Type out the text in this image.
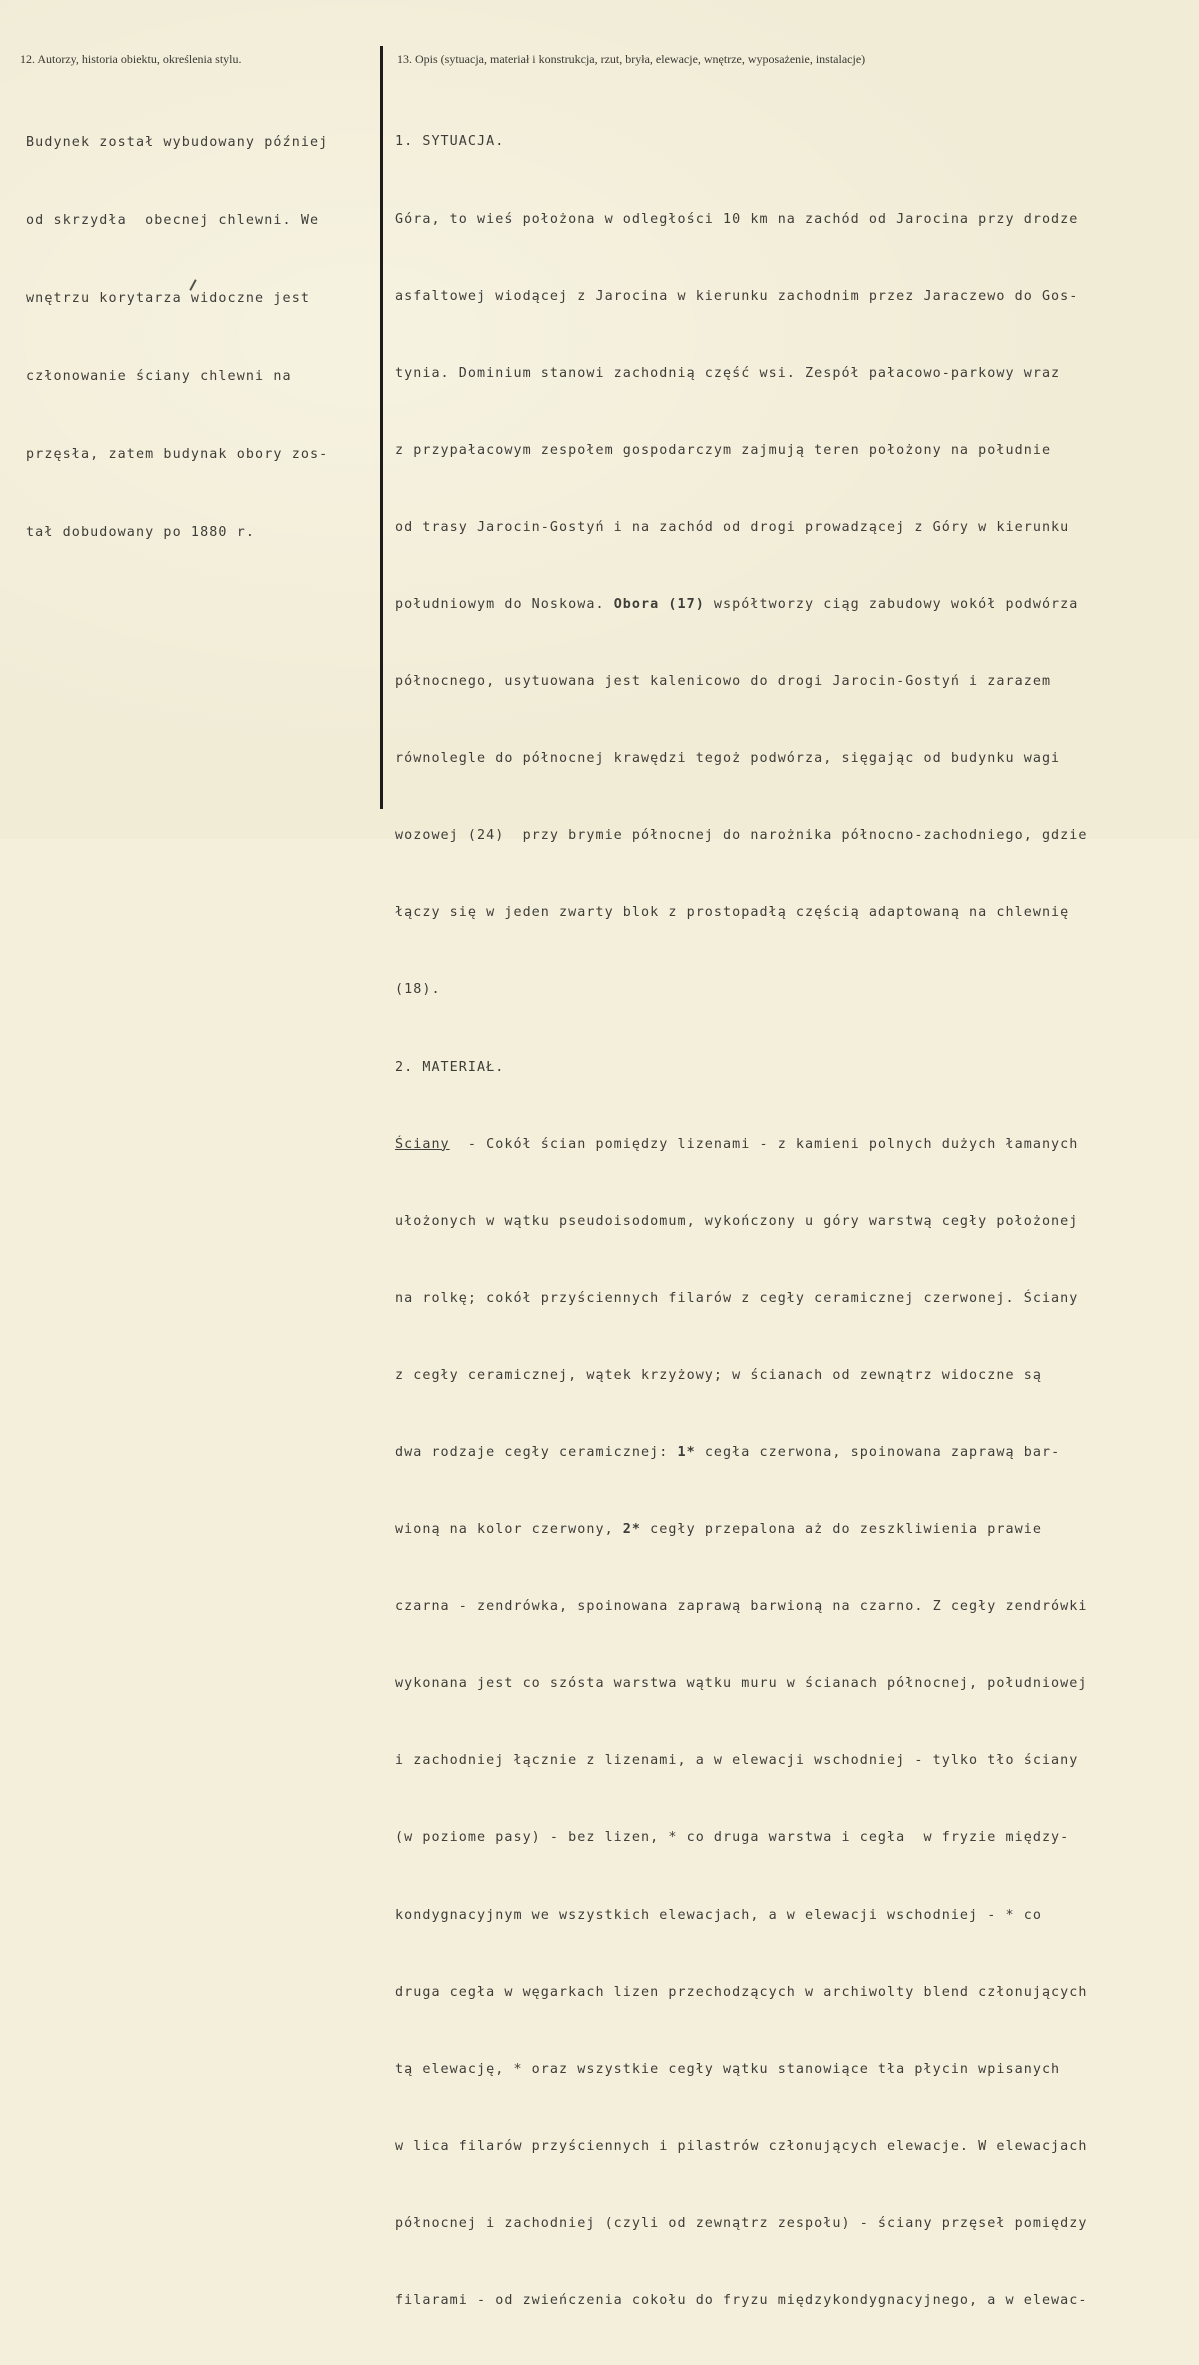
12. Autorzy, historia obiektu, określenia stylu.	13. Opis (sytuacja, materiał i konstrukcja, rzut, bryła, elewacje, wnętrze, wyposażenie, instalacje)

Budynek został wybudowany później

od skrzydła  obecnej chlewni. We

wnętrzu korytarza widoczne jest

członowanie ściany chlewni na

przęsła, zatem budynak obory zos-

tał dobudowany po 1880 r.

1. SYTUACJA.

Góra, to wieś położona w odległości 10 km na zachód od Jarocina przy drodze

asfaltowej wiodącej z Jarocina w kierunku zachodnim przez Jaraczewo do Gos-

tynia. Dominium stanowi zachodnią część wsi. Zespół pałacowo-parkowy wraz

z przypałacowym zespołem gospodarczym zajmują teren położony na południe

od trasy Jarocin-Gostyń i na zachód od drogi prowadzącej z Góry w kierunku

południowym do Noskowa. Obora (17) współtworzy ciąg zabudowy wokół podwórza

północnego, usytuowana jest kalenicowo do drogi Jarocin-Gostyń i zarazem

równolegle do północnej krawędzi tegoż podwórza, sięgając od budynku wagi

wozowej (24)  przy brymie północnej do narożnika północno-zachodniego, gdzie

łączy się w jeden zwarty blok z prostopadłą częścią adaptowaną na chlewnię

(18).

2. MATERIAŁ.

Ściany  - Cokół ścian pomiędzy lizenami - z kamieni polnych dużych łamanych

ułożonych w wątku pseudoisodomum, wykończony u góry warstwą cegły położonej

na rolkę; cokół przyściennych filarów z cegły ceramicznej czerwonej. Ściany

z cegły ceramicznej, wątek krzyżowy; w ścianach od zewnątrz widoczne są

dwa rodzaje cegły ceramicznej: 1* cegła czerwona, spoinowana zaprawą bar-

wioną na kolor czerwony, 2* cegły przepalona aż do zeszkliwienia prawie

czarna - zendrówka, spoinowana zaprawą barwioną na czarno. Z cegły zendrówki

wykonana jest co szósta warstwa wątku muru w ścianach północnej, południowej

i zachodniej łącznie z lizenami, a w elewacji wschodniej - tylko tło ściany

(w poziome pasy) - bez lizen, * co druga warstwa i cegła  w fryzie między-

kondygnacyjnym we wszystkich elewacjach, a w elewacji wschodniej - * co

druga cegła w węgarkach lizen przechodzących w archiwolty blend członujących

tą elewację, * oraz wszystkie cegły wątku stanowiące tła płycin wpisanych

w lica filarów przyściennych i pilastrów członujących elewacje. W elewacjach

północnej i zachodniej (czyli od zewnątrz zespołu) - ściany przęseł pomiędzy

filarami - od zwieńczenia cokołu do fryzu międzykondygnacyjnego, a w elewac-
